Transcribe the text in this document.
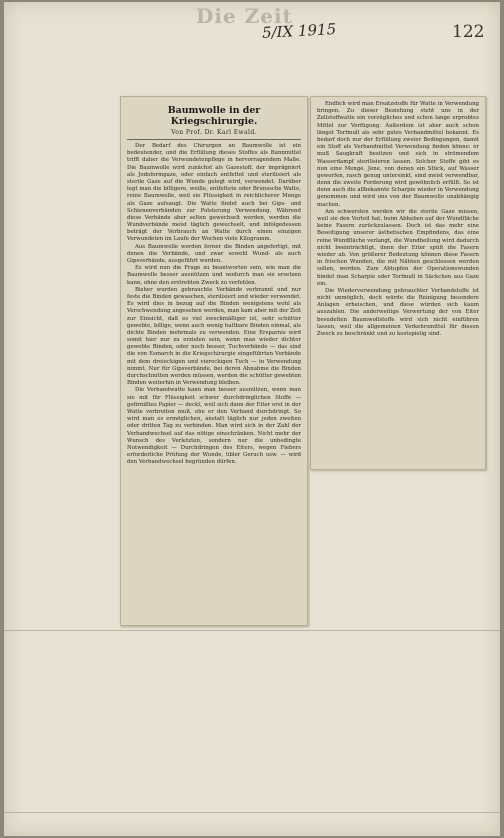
Die Zeit
5/IX 1915	122
Baumwolle in der Kriegschirurgie.
Von Prof. Dr. Karl Ewald.

Der Bedarf des Chirurgen an Baumwolle ist ein bedeutender, und die Erfüllung dieses Stoffes als Bannmittel trifft daher die Verwundetenpflege in hervorragendem Maße. Die Baumwolle wird zunächst als Gazestoff, der imprägniert als Jodoformgaze, oder einfach entfettet und sterilisiert als sterile Gaze auf die Wunde gelegt wird, verwendet. Darüber legt man die billigere, weiße, entfettete oder Brunssche Watte, reine Baumwolle, weil sie Flüssigkeit in reichlicherer Menge als Gaze aufsaugt. Die Watte findet auch bei Gips- und Schienenverbänden zur Polsterung Verwendung. Während diese Verbände aber selten gewechselt werden, werden die Wundverbände meist täglich gewechselt, und infolgedessen beträgt der Verbrauch an Watte durch einen einzigen Verwundeten im Laufe der Wochen viele Kilogramm.

Aus Baumwolle werden ferner die Binden angefertigt, mit denen die Verbände, und zwar sowohl Wund- als auch Gipsverbände, ausgeführt werden.

Es wird nun die Frage zu beantworten sein, wie man die Baumwolle besser ausnützen und wodurch man sie ersetzen kann, ohne den erstrebten Zweck zu verfehlen.

Bisher wurden gebrauchte Verbände verbrannt und nur feste die Binden gewaschen, sterilisiert und wieder verwendet. Es wird dies in bezug auf die Binden wenigstens wohl als Verschwendung angesehen werden, man kam aber mit der Zeit zur Einsicht, daß es viel zweckmäßiger ist, sehr schütter gewebte, billige, wenn auch wenig haltbare Binden einmal, als dichte Binden mehrmals zu verwenden. Eine Ersparnis wird somit hier nur zu erzielen sein, wenn man wieder dichter gewebte Binden, oder noch besser, Tuchverbände — das sind die von Esmarch in die Kriegschirurgie eingeführten Verbände mit dem dreieckigen und viereckigen Tuch — in Verwendung nimmt. Nur für Gipsverbände, bei deren Abnahme die Binden durchschnitten werden müssen, werden die schütter gewebten Binden weiterhin in Verwendung bleiben.

Die Verbandwatte kann man besser ausnützen, wenn man sie mit für Flüssigkeit schwer durchdringlichen Stoffe — gefirnißtes Papier — deckt, weil sich dann der Eiter erst in der Watte verbreiten muß, ehe er den Verband durchdringt. So wird man es ermöglichen, anstatt täglich nur jeden zweiten oder dritten Tag zu verbinden. Man wird sich in der Zahl der Verbandwechsel auf das nötige einschränken. Nicht mehr der Wunsch des Verletzten, sondern nur die unbedingte Notwendigkeit — Durchdringen des Eiters, wegen Fiebers erforderliche Prüfung der Wunde, übler Geruch usw. — wird den Verbandwechsel begründen dürfen.

Endlich wird man Ersatzstoffe für Watte in Verwendung bringen. Zu dieser Beziehung steht uns in der Zellstoffwatte ein vorzügliches und schon lange erprobtes Mittel zur Verfügung. Außerdem ist aber auch schon längst Torfmull als sehr gutes Verbandmittel bekannt. Es bedarf doch nur der Erfüllung zweier Bedingungen, damit ein Stoff als Verbandmittel Verwendung finden könne: er muß Saugkraft besitzen und sich in strömendem Wasserdampf sterilisieren lassen. Solcher Stoffe gibt es nun eine Menge. Jene, von denen ein Stück, auf Wasser geworfen, rasch genug untersinkt, sind meist verwendbar, denn die zweite Forderung wird gewöhnlich erfüllt. So ist denn auch die allbekannte Scharpie wieder in Verwendung genommen und wird uns von der Baumwolle unabhängig machen.

Am schwersten werden wir die sterile Gaze missen, weil sie den Vorteil hat, beim Abheben auf der Wundfläche keine Fasern zurückzulassen. Doch ist das mehr eine Beseitigung unserer ästhetischen Empfindens, das eine reine Wundfläche verlangt, die Wundheilung wird dadurch nicht beeinträchtigt, denn der Eiter spült die Fasern wieder ab. Von größerer Bedeutung können diese Fasern in frischen Wunden, die mit Nähten geschlossen werden sollen, werden. Zum Abtupfen der Operationswunden bindet man Scharpie oder Torfmull in Säckchen aus Gaze ein.

Die Wiederverwendung gebrauchter Verbandstoffe ist nicht unmöglich, doch würde die Reinigung besondere Anlagen erheischen, und diese würden sich kaum auszahlen. Die anderweitige Verwertung der von Eiter besudelten Baumwollstoffe wird sich nicht einführen lassen, weil die allgemeinen Verkehrsmittel für diesen Zweck zu beschränkt und zu kostspielig sind.
